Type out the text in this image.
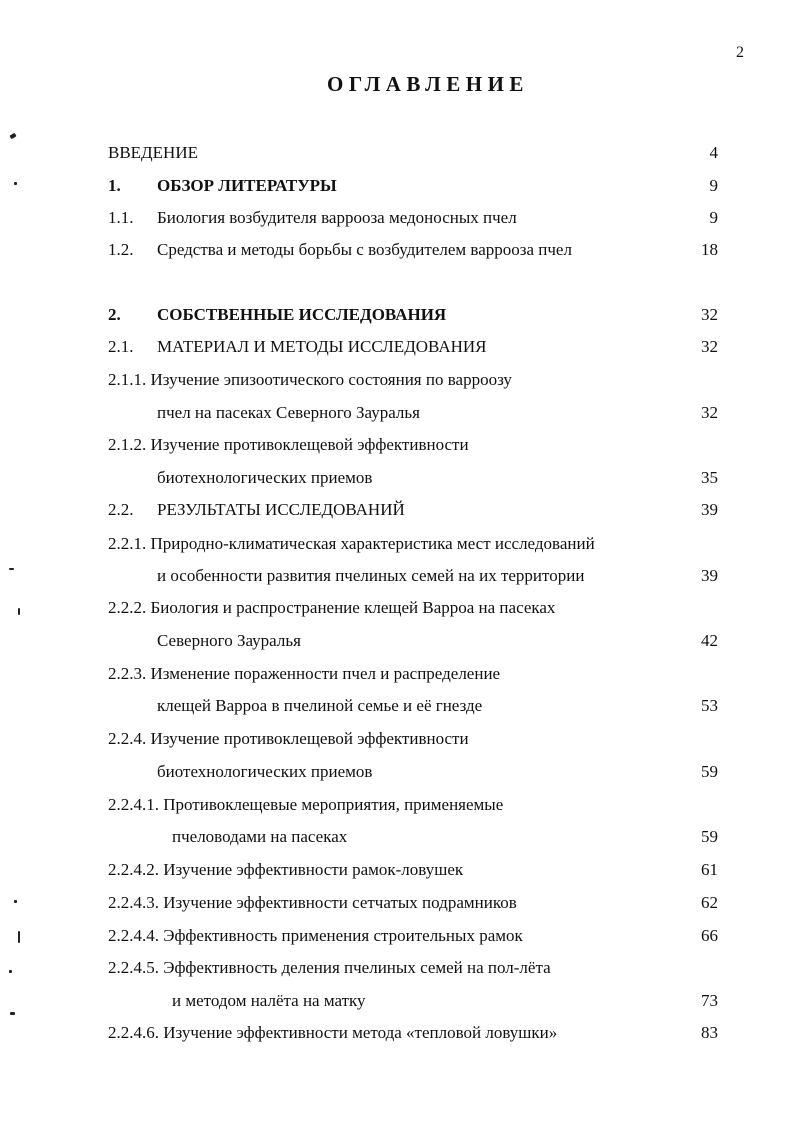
2
ОГЛАВЛЕНИЕ
ВВЕДЕНИЕ	4
1. ОБЗОР ЛИТЕРАТУРЫ	9
1.1. Биология возбудителя варрооза медоносных пчел	9
1.2. Средства и методы борьбы с возбудителем варрооза пчел	18
2. СОБСТВЕННЫЕ ИССЛЕДОВАНИЯ	32
2.1. МАТЕРИАЛ И МЕТОДЫ ИССЛЕДОВАНИЯ	32
2.1.1. Изучение эпизоотического состояния по варроозу
пчел на пасеках Северного Зауралья	32
2.1.2. Изучение противоклещевой эффективности
биотехнологических приемов	35
2.2. РЕЗУЛЬТАТЫ ИССЛЕДОВАНИЙ	39
2.2.1. Природно-климатическая характеристика мест исследований
и особенности развития пчелиных семей на их территории	39
2.2.2. Биология и распространение клещей Варроа на пасеках
Северного Зауралья	42
2.2.3. Изменение пораженности пчел и распределение
клещей Варроа в пчелиной семье и её гнезде	53
2.2.4. Изучение противоклещевой эффективности
биотехнологических приемов	59
2.2.4.1. Противоклещевые мероприятия, применяемые
пчеловодами на пасеках	59
2.2.4.2. Изучение эффективности рамок-ловушек	61
2.2.4.3. Изучение эффективности сетчатых подрамников	62
2.2.4.4. Эффективность применения строительных рамок	66
2.2.4.5. Эффективность деления пчелиных семей на пол-лёта
и методом налёта на матку	73
2.2.4.6. Изучение эффективности метода «тепловой ловушки»	83
